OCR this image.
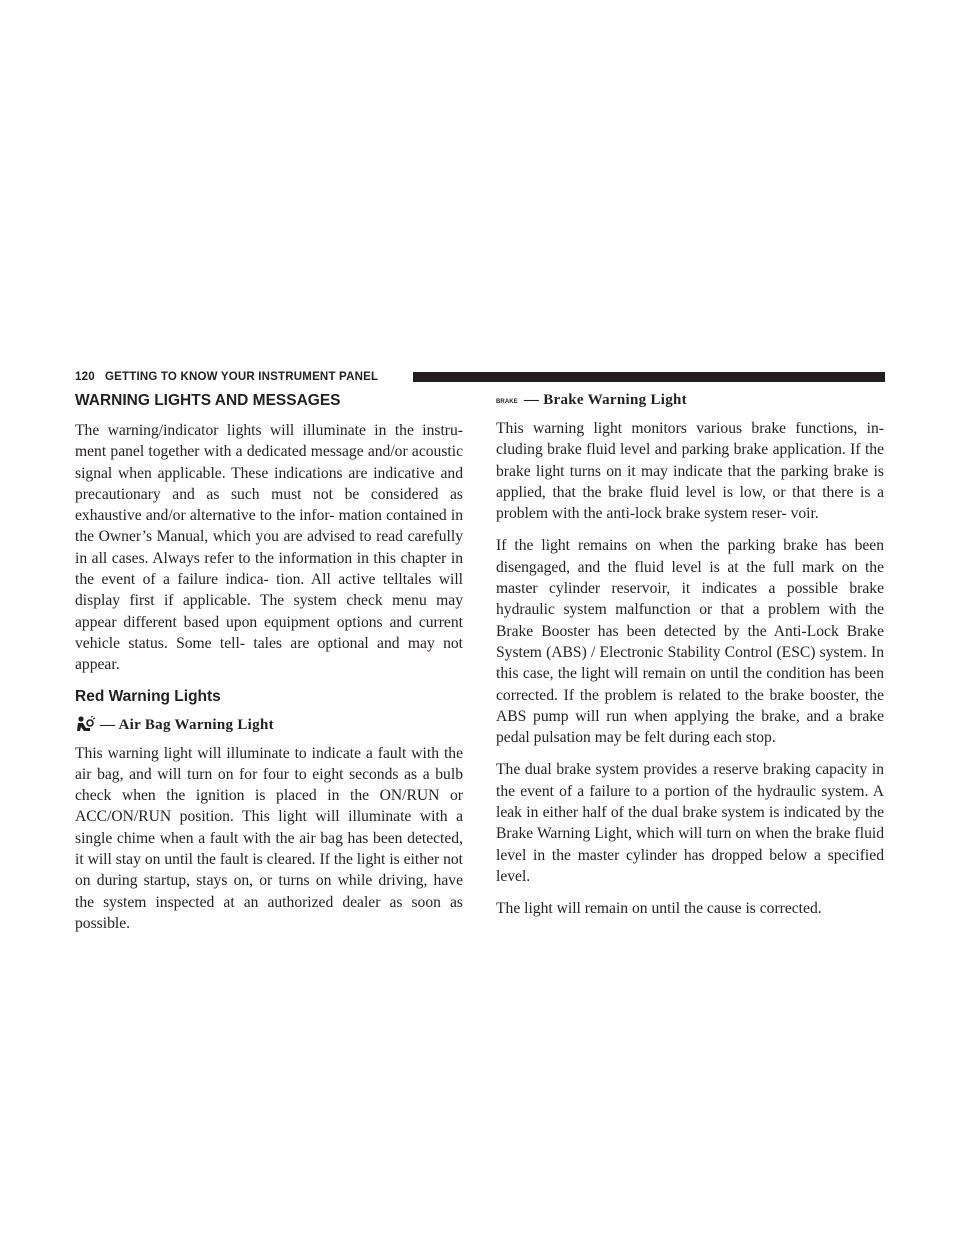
120 GETTING TO KNOW YOUR INSTRUMENT PANEL
WARNING LIGHTS AND MESSAGES

The warning/indicator lights will illuminate in the instru- ment panel together with a dedicated message and/or acoustic signal when applicable. These indications are indicative and precautionary and as such must not be considered as exhaustive and/or alternative to the infor- mation contained in the Owner’s Manual, which you are advised to read carefully in all cases. Always refer to the information in this chapter in the event of a failure indica- tion. All active telltales will display first if applicable. The system check menu may appear different based upon equipment options and current vehicle status. Some tell- tales are optional and may not appear.

Red Warning Lights
— Air Bag Warning Light

This warning light will illuminate to indicate a fault with the air bag, and will turn on for four to eight seconds as a bulb check when the ignition is placed in the ON/RUN or ACC/ON/RUN position. This light will illuminate with a single chime when a fault with the air bag has been detected, it will stay on until the fault is cleared. If the light is either not on during startup, stays on, or turns on while driving, have the system inspected at an authorized dealer as soon as possible.

BRAKE — Brake Warning Light

This warning light monitors various brake functions, in- cluding brake fluid level and parking brake application. If the brake light turns on it may indicate that the parking brake is applied, that the brake fluid level is low, or that there is a problem with the anti-lock brake system reser- voir.

If the light remains on when the parking brake has been disengaged, and the fluid level is at the full mark on the master cylinder reservoir, it indicates a possible brake hydraulic system malfunction or that a problem with the Brake Booster has been detected by the Anti-Lock Brake System (ABS) / Electronic Stability Control (ESC) system. In this case, the light will remain on until the condition has been corrected. If the problem is related to the brake booster, the ABS pump will run when applying the brake, and a brake pedal pulsation may be felt during each stop.

The dual brake system provides a reserve braking capacity in the event of a failure to a portion of the hydraulic system. A leak in either half of the dual brake system is indicated by the Brake Warning Light, which will turn on when the brake fluid level in the master cylinder has dropped below a specified level.

The light will remain on until the cause is corrected.
